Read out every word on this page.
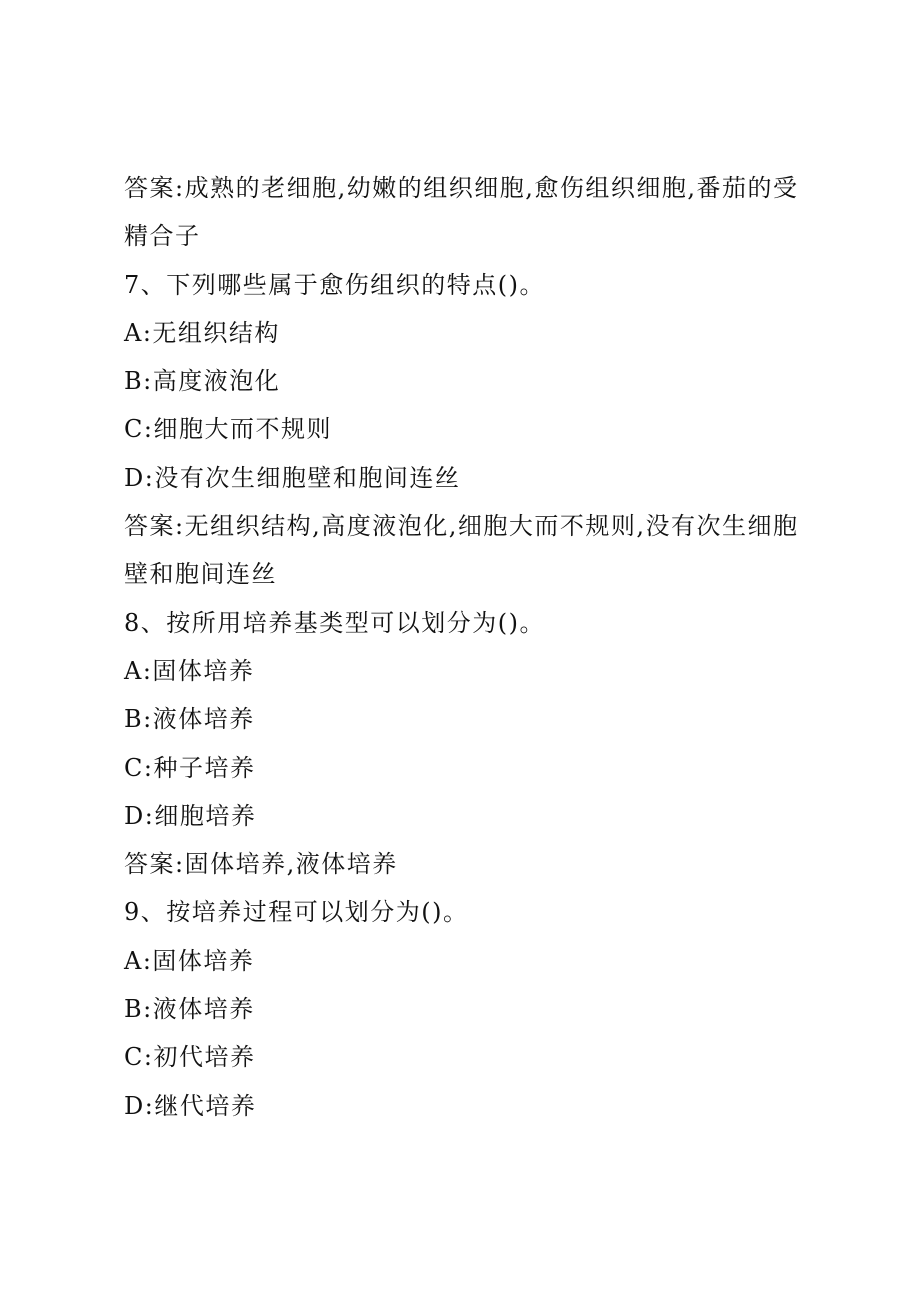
答案:成熟的老细胞,幼嫩的组织细胞,愈伤组织细胞,番茄的受
精合子
7、下列哪些属于愈伤组织的特点()。
A:无组织结构
B:高度液泡化
C:细胞大而不规则
D:没有次生细胞壁和胞间连丝
答案:无组织结构,高度液泡化,细胞大而不规则,没有次生细胞
壁和胞间连丝
8、按所用培养基类型可以划分为()。
A:固体培养
B:液体培养
C:种子培养
D:细胞培养
答案:固体培养,液体培养
9、按培养过程可以划分为()。
A:固体培养
B:液体培养
C:初代培养
D:继代培养
